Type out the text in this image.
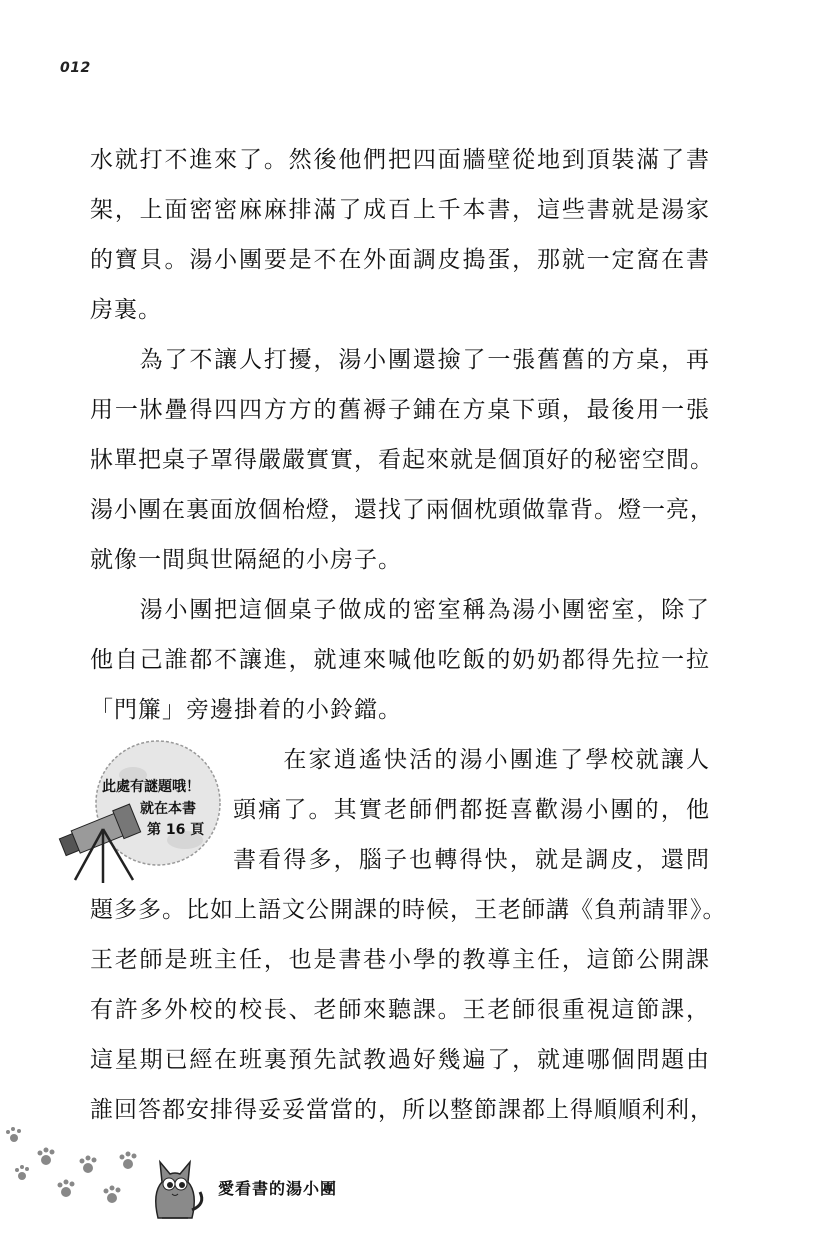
012
水就打不進來了。然後他們把四面牆壁從地到頂裝滿了書
架，上面密密麻麻排滿了成百上千本書，這些書就是湯家
的寶貝。湯小團要是不在外面調皮搗蛋，那就一定窩在書
房裏。
　　為了不讓人打擾，湯小團還撿了一張舊舊的方桌，再
用一牀疊得四四方方的舊褥子鋪在方桌下頭，最後用一張
牀單把桌子罩得嚴嚴實實，看起來就是個頂好的秘密空間。
湯小團在裏面放個枱燈，還找了兩個枕頭做靠背。燈一亮，
就像一間與世隔絕的小房子。
　　湯小團把這個桌子做成的密室稱為湯小團密室，除了
他自己誰都不讓進，就連來喊他吃飯的奶奶都得先拉一拉
「門簾」旁邊掛着的小鈴鐺。
　　在家逍遙快活的湯小團進了學校就讓人
頭痛了。其實老師們都挺喜歡湯小團的，他
書看得多，腦子也轉得快，就是調皮，還問
題多多。比如上語文公開課的時候，王老師講《負荊請罪》。
王老師是班主任，也是書巷小學的教導主任，這節公開課
有許多外校的校長、老師來聽課。王老師很重視這節課，
這星期已經在班裏預先試教過好幾遍了，就連哪個問題由
誰回答都安排得妥妥當當的，所以整節課都上得順順利利，
此處有謎題哦！
就在本書
第 16 頁
愛看書的湯小團
